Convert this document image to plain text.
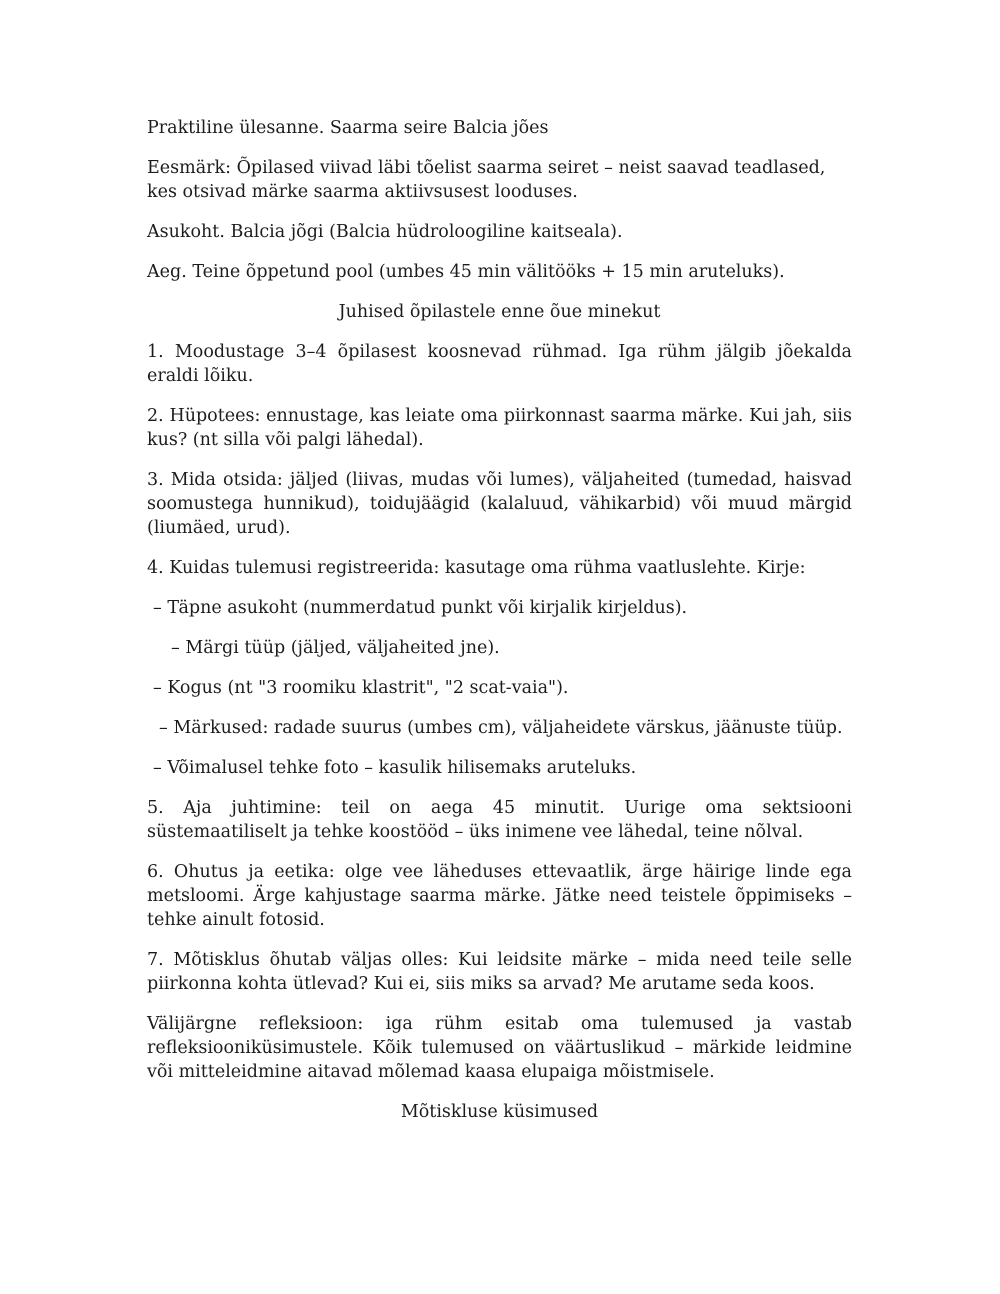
Praktiline ülesanne. Saarma seire Balcia jões

Eesmärk: Õpilased viivad läbi tõelist saarma seiret – neist saavad teadlased, kes otsivad märke saarma aktiivsusest looduses.

Asukoht. Balcia jõgi (Balcia hüdroloogiline kaitseala).

Aeg. Teine õppetund pool (umbes 45 min välitööks + 15 min aruteluks).

Juhised õpilastele enne õue minekut

1. Moodustage 3–4 õpilasest koosnevad rühmad. Iga rühm jälgib jõekalda eraldi lõiku.

2. Hüpotees: ennustage, kas leiate oma piirkonnast saarma märke. Kui jah, siis kus? (nt silla või palgi lähedal).

3. Mida otsida: jäljed (liivas, mudas või lumes), väljaheited (tumedad, haisvad soomustega hunnikud), toidujäägid (kalaluud, vähikarbid) või muud märgid (liumäed, urud).

4. Kuidas tulemusi registreerida: kasutage oma rühma vaatluslehte. Kirje:

– Täpne asukoht (nummerdatud punkt või kirjalik kirjeldus).

– Märgi tüüp (jäljed, väljaheited jne).

– Kogus (nt "3 roomiku klastrit", "2 scat-vaia").

– Märkused: radade suurus (umbes cm), väljaheidete värskus, jäänuste tüüp.

– Võimalusel tehke foto – kasulik hilisemaks aruteluks.

5. Aja juhtimine: teil on aega 45 minutit. Uurige oma sektsiooni süstemaatiliselt ja tehke koostööd – üks inimene vee lähedal, teine nõlval.

6. Ohutus ja eetika: olge vee läheduses ettevaatlik, ärge häirige linde ega metsloomi. Ärge kahjustage saarma märke. Jätke need teistele õppimiseks – tehke ainult fotosid.

7. Mõtisklus õhutab väljas olles: Kui leidsite märke – mida need teile selle piirkonna kohta ütlevad? Kui ei, siis miks sa arvad? Me arutame seda koos.

Välijärgne refleksioon: iga rühm esitab oma tulemused ja vastab refleksiooniküsimustele. Kõik tulemused on väärtuslikud – märkide leidmine või mitteleidmine aitavad mõlemad kaasa elupaiga mõistmisele.

Mõtiskluse küsimused
